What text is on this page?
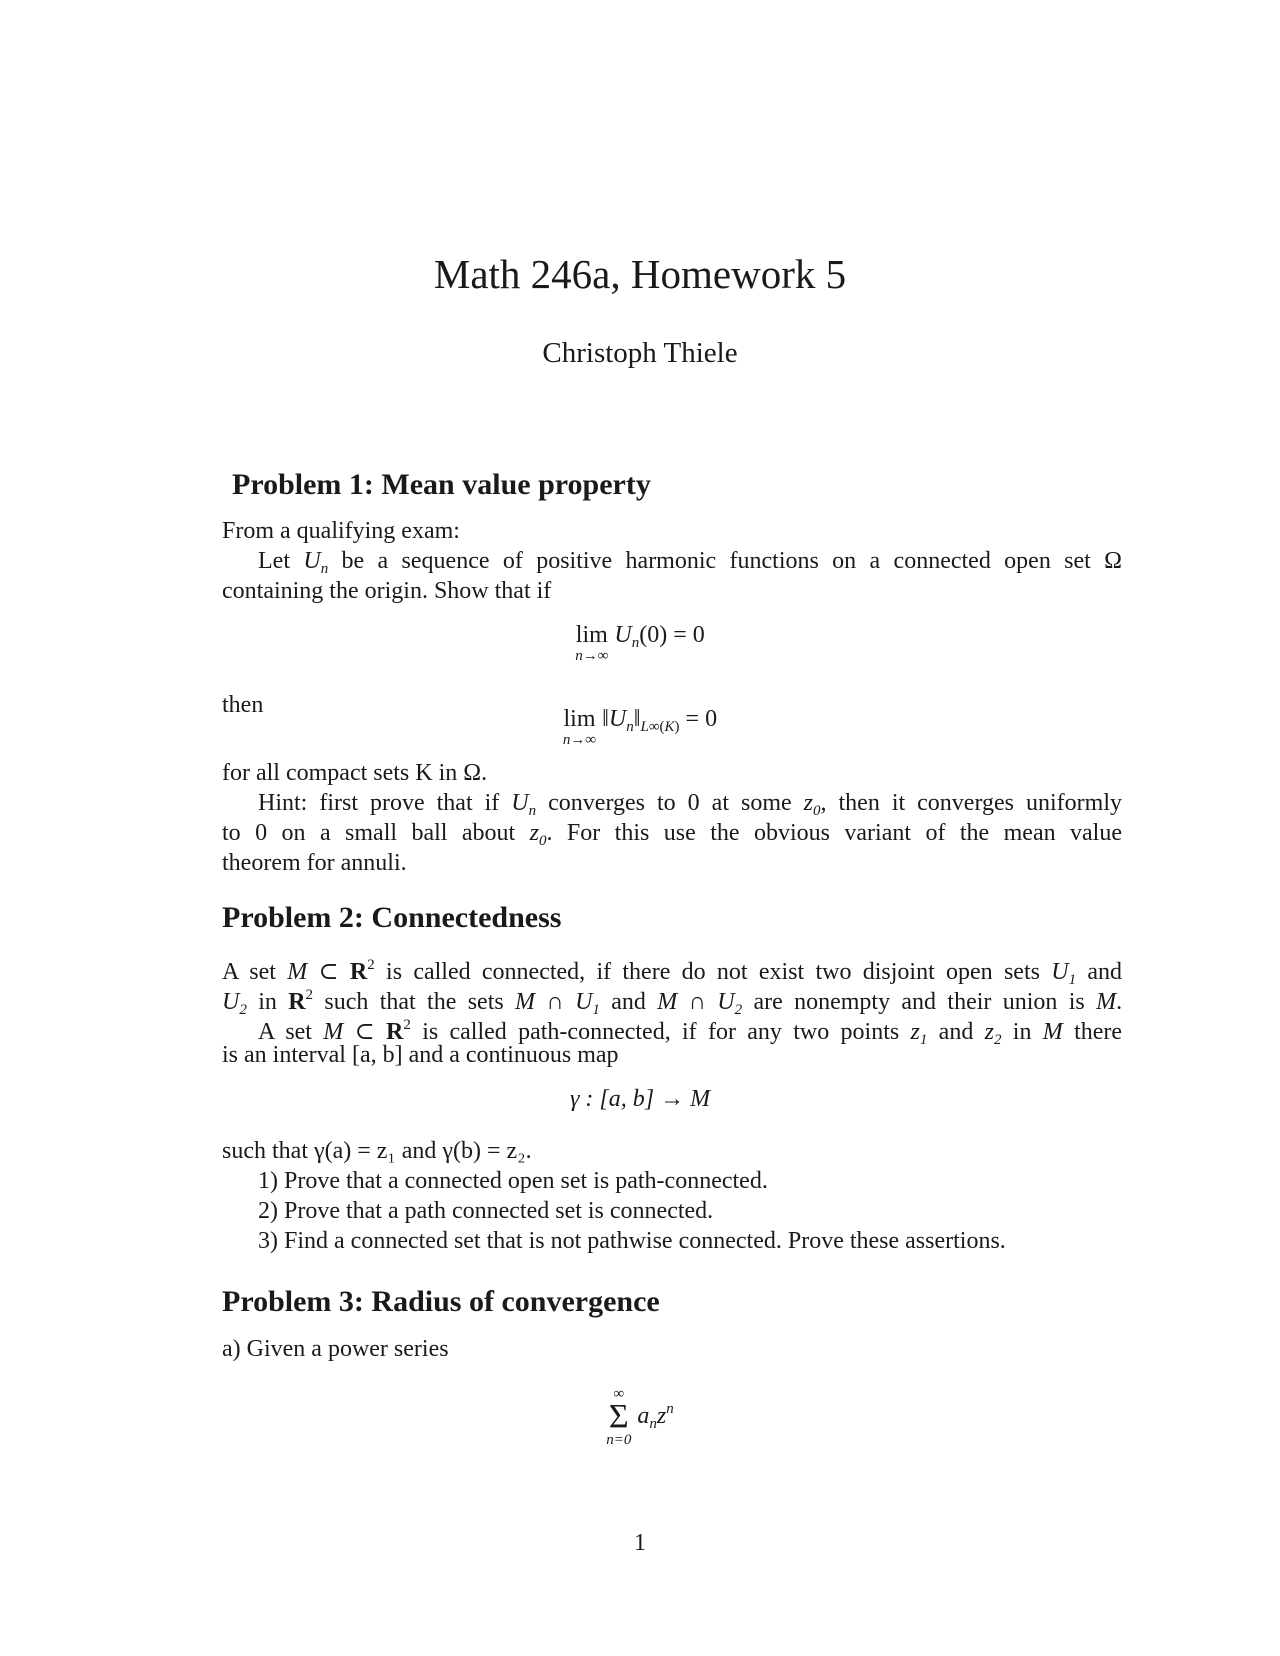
Math 246a, Homework 5
Christoph Thiele
Problem 1: Mean value property
From a qualifying exam:
Let $U_n$ be a sequence of positive harmonic functions on a connected open set Ω
containing the origin. Show that if
lim
n→∞
$U_n(0) = 0$
then
lim
n→∞
$‖U_n‖_{L\infty(K)} = 0$
for all compact sets K in Ω.
Hint: first prove that if $U_n$ converges to 0 at some $z_0$, then it converges uniformly
to 0 on a small ball about $z_0$. For this use the obvious variant of the mean value
theorem for annuli.
Problem 2: Connectedness
A set M ⊂ $R^2$ is called connected, if there do not exist two disjoint open sets $U_1$ and
$U_2$ in $R^2$ such that the sets M ∩ $U_1$ and M ∩ $U_2$ are nonempty and their union is M.
A set M ⊂ $R^2$ is called path-connected, if for any two points $z_1$ and $z_2$ in M there
is an interval [a, b] and a continuous map
γ : [a, b] → M
such that γ(a) = z₁ and γ(b) = z₂.
1) Prove that a connected open set is path-connected.
2) Prove that a path connected set is connected.
3) Find a connected set that is not pathwise connected. Prove these assertions.
Problem 3: Radius of convergence
a) Given a power series
∞
Σ
n=0
$a_nz^n$
1
